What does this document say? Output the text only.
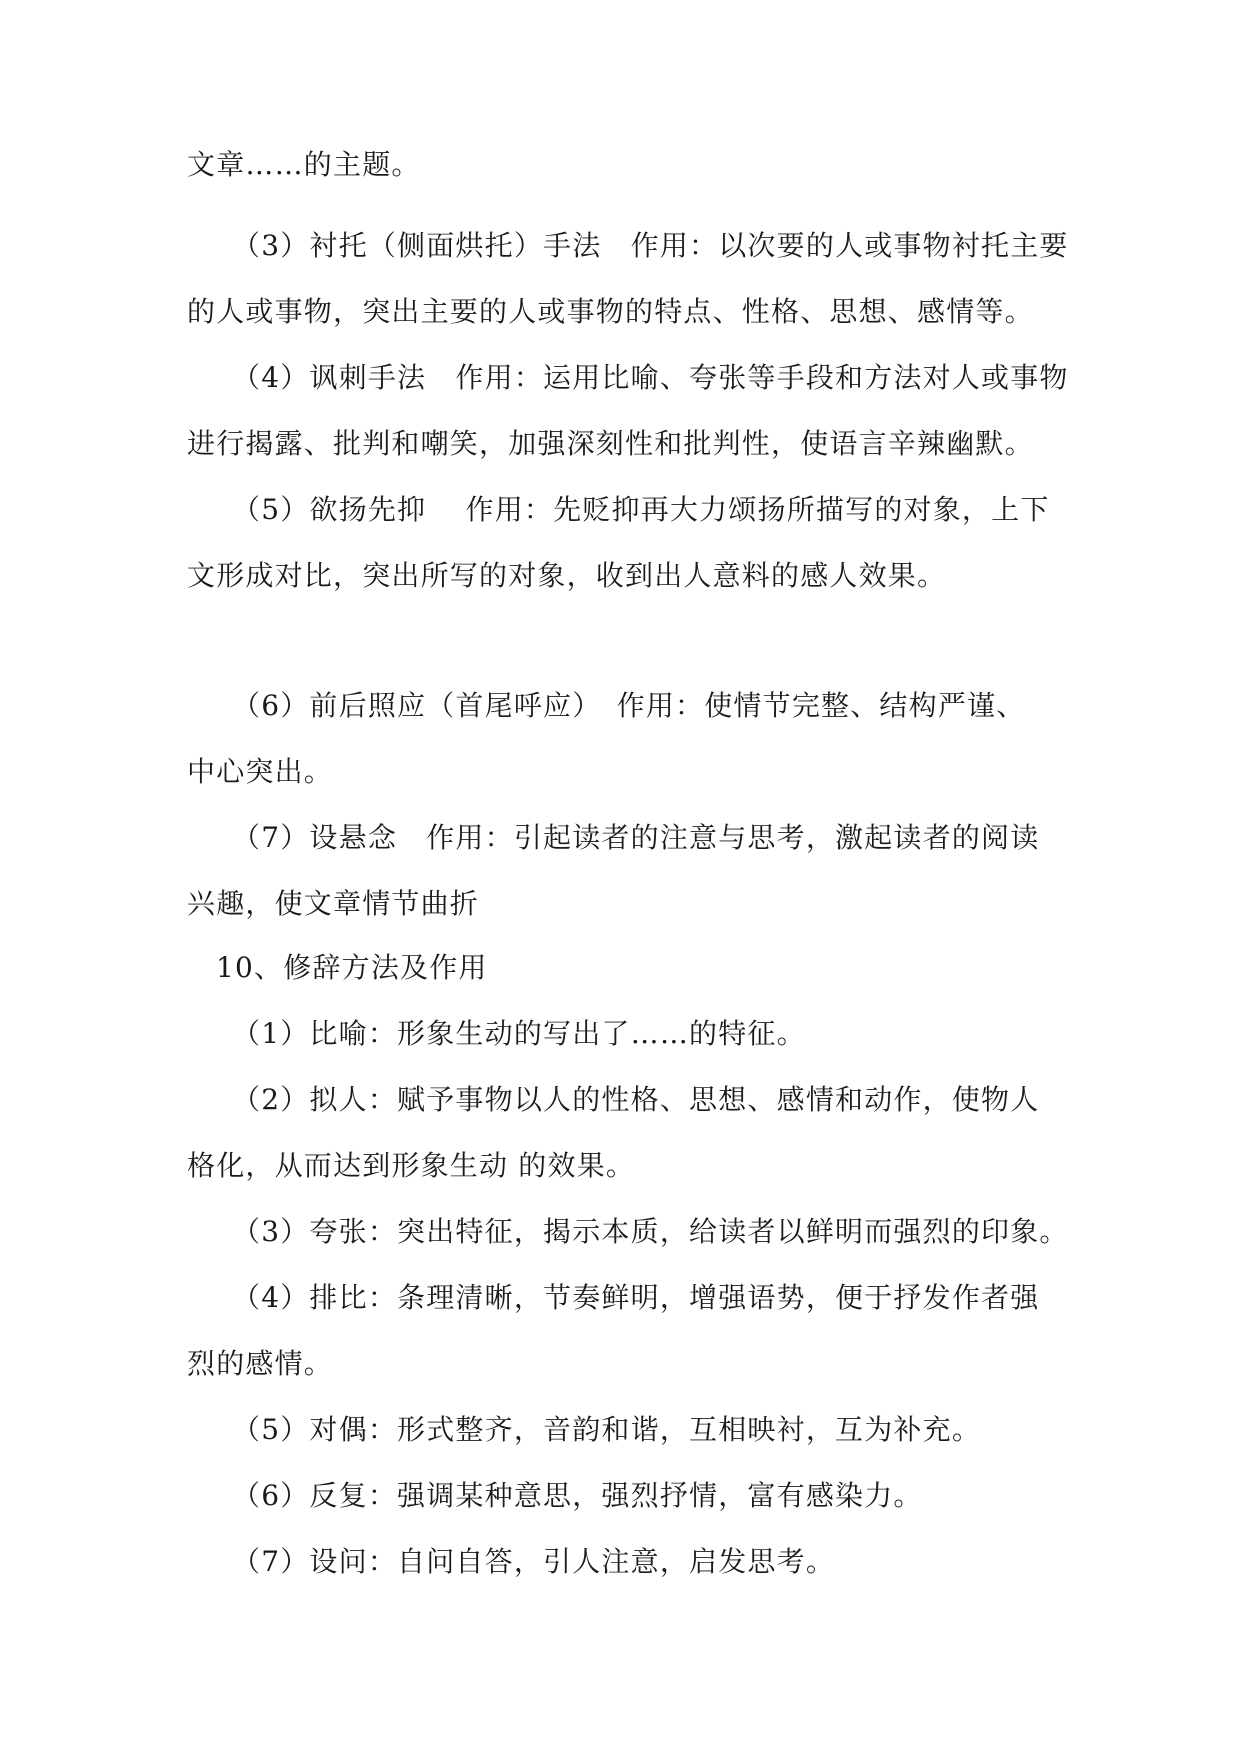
文章……的主题。

（3）衬托（侧面烘托）手法　作用：以次要的人或事物衬托主要

的人或事物，突出主要的人或事物的特点、性格、思想、感情等。

（4）讽刺手法　作用：运用比喻、夸张等手段和方法对人或事物

进行揭露、批判和嘲笑，加强深刻性和批判性，使语言辛辣幽默。

（5）欲扬先抑　 作用：先贬抑再大力颂扬所描写的对象，上下

文形成对比，突出所写的对象，收到出人意料的感人效果。

（6）前后照应（首尾呼应）　作用：使情节完整、结构严谨、

中心突出。

（7）设悬念　作用：引起读者的注意与思考，激起读者的阅读

兴趣，使文章情节曲折

10、修辞方法及作用

（1）比喻：形象生动的写出了……的特征。

（2）拟人：赋予事物以人的性格、思想、感情和动作，使物人

格化，从而达到形象生动 的效果。

（3）夸张：突出特征，揭示本质，给读者以鲜明而强烈的印象。

（4）排比：条理清晰，节奏鲜明，增强语势，便于抒发作者强

烈的感情。

（5）对偶：形式整齐，音韵和谐，互相映衬，互为补充。

（6）反复：强调某种意思，强烈抒情，富有感染力。

（7）设问：自问自答，引人注意，启发思考。
